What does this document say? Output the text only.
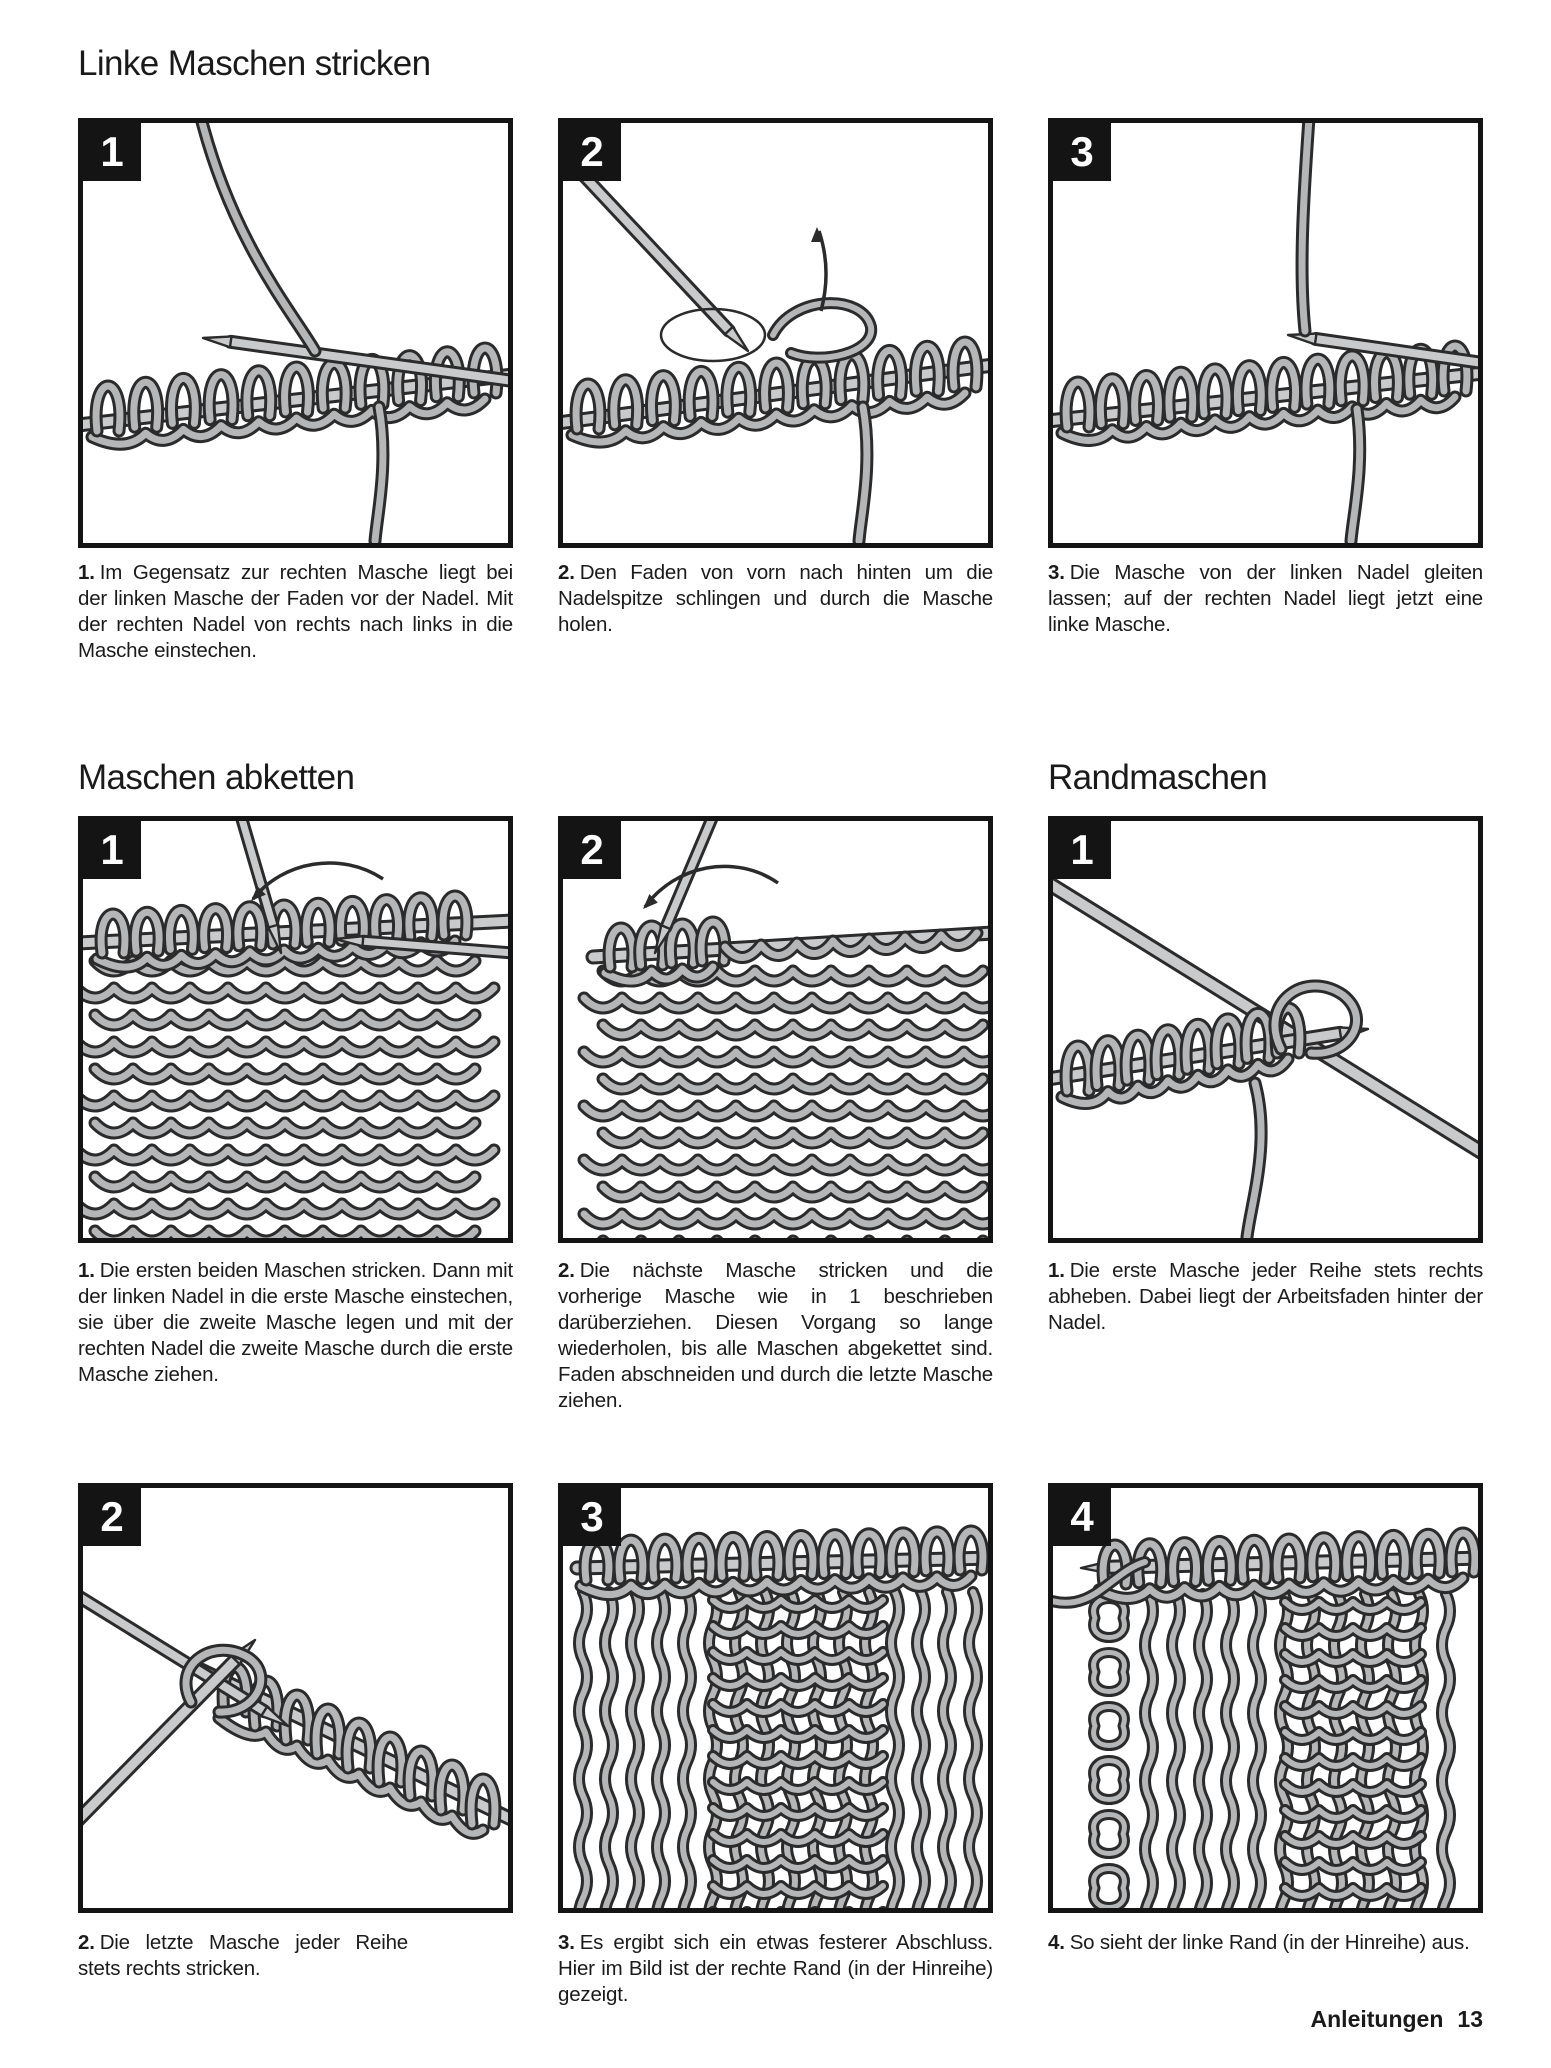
Linke Maschen stricken
1	2	3
1. Im Gegensatz zur rechten Masche liegt bei der linken Masche der Faden vor der Nadel. Mit der rechten Nadel von rechts nach links in die Masche einstechen.
2. Den Faden von vorn nach hinten um die Nadelspitze schlingen und durch die Masche holen.
3. Die Masche von der linken Nadel gleiten lassen; auf der rechten Nadel liegt jetzt eine linke Masche.
Maschen abketten	Randmaschen
1	2	1
1. Die ersten beiden Maschen stricken. Dann mit der linken Nadel in die erste Masche einstechen, sie über die zweite Masche legen und mit der rechten Nadel die zweite Masche durch die erste Masche ziehen.
2. Die nächste Masche stricken und die vorherige Masche wie in 1 beschrieben darüberziehen. Diesen Vorgang so lange wiederholen, bis alle Maschen abgekettet sind. Faden abschneiden und durch die letzte Masche ziehen.
1. Die erste Masche jeder Reihe stets rechts abheben. Dabei liegt der Arbeitsfaden hinter der Nadel.
2	3	4
2. Die letzte Masche jeder Reihe stets rechts stricken.
3. Es ergibt sich ein etwas festerer Abschluss. Hier im Bild ist der rechte Rand (in der Hinreihe) gezeigt.
4. So sieht der linke Rand (in der Hinreihe) aus.
Anleitungen 13
